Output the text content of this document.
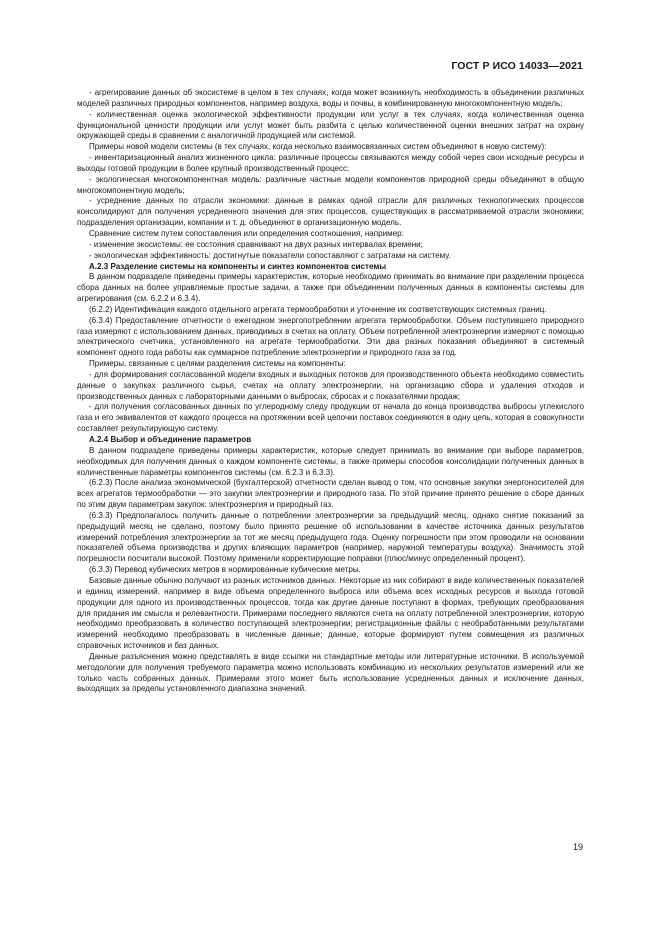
ГОСТ Р ИСО 14033—2021

- агрегирование данных об экосистеме в целом в тех случаях, когда может возникнуть необходимость в объединении различных моделей различных природных компонентов, например воздуха, воды и почвы, в комбинированную многокомпонентную модель;

- количественная оценка экологической эффективности продукции или услуг в тех случаях, когда количественная оценка функциональной ценности продукции или услуг может быть разбита с целью количественной оценки внешних затрат на охрану окружающей среды в сравнении с аналогичной продукцией или системой.

Примеры новой модели системы (в тех случаях, когда несколько взаимосвязанных систем объединяют в новую систему):

- инвентаризационный анализ жизненного цикла: различные процессы связываются между собой через свои исходные ресурсы и выходы готовой продукции в более крупный производственный процесс;

- экологическая многокомпонентная модель: различные частные модели компонентов природной среды объединяют в общую многокомпонентную модель;

- усреднение данных по отрасли экономики: данные в рамках одной отрасли для различных технологических процессов консолидируют для получения усредненного значения для этих процессов, существующих в рассматриваемой отрасли экономики; подразделения организации, компании и т. д. объединяют в организационную модель.

Сравнение систем путем сопоставления или определения соотношения, например:

- изменение экосистемы: ее состояния сравнивают на двух разных интервалах времени;

- экологическая эффективность: достигнутые показатели сопоставляют с затратами на систему.

А.2.3 Разделение системы на компоненты и синтез компонентов системы

В данном подразделе приведены примеры характеристик, которые необходимо принимать во внимание при разделении процесса сбора данных на более управляемые простые задачи, а также при объединении полученных данных в компоненты системы для агрегирования (см. 6.2.2 и 6.3.4).

(6.2.2) Идентификация каждого отдельного агрегата термообработки и уточнение их соответствующих системных границ.

(6.3.4) Предоставление отчетности о ежегодном энергопотреблении агрегата термообработки. Объем поступившего природного газа измеряют с использованием данных, приводимых в счетах на оплату. Объем потребленной электроэнергии измеряют с помощью электрического счетчика, установленного на агрегате термообработки. Эти два разных показания объединяют в системный компонент одного года работы как суммарное потребление электроэнергии и природного газа за год.

Примеры, связанные с целями разделения системы на компоненты:

- для формирования согласованной модели входных и выходных потоков для производственного объекта необходимо совместить данные о закупках различного сырья, счетах на оплату электроэнергии, на организацию сбора и удаления отходов и производственных данных с лабораторными данными о выбросах, сбросах и с показателями продаж;

- для получения согласованных данных по углеродному следу продукции от начала до конца производства выбросы углекислого газа и его эквивалентов от каждого процесса на протяжении всей цепочки поставок соединяются в одну цепь, которая в совокупности составляет результирующую систему.

А.2.4 Выбор и объединение параметров

В данном подразделе приведены примеры характеристик, которые следует принимать во внимание при выборе параметров, необходимых для получения данных о каждом компоненте системы, а также примеры способов консолидации полученных данных в количественные параметры компонентов системы (см. 6.2.3 и 6.3.3).

(6.2.3) После анализа экономической (бухгалтерской) отчетности сделан вывод о том, что основные закупки энергоносителей для всех агрегатов термообработки — это закупки электроэнергии и природного газа. По этой причине принято решение о сборе данных по этим двум параметрам закупок: электроэнергия и природный газ.

(6.3.3) Предполагалось получить данные о потреблении электроэнергии за предыдущий месяц, однако снятие показаний за предыдущий месяц не сделано, поэтому было принято решение об использовании в качестве источника данных результатов измерений потребления электроэнергии за тот же месяц предыдущего года. Оценку погрешности при этом проводили на основании показателей объема производства и других влияющих параметров (например, наружной температуры воздуха). Значимость этой погрешности посчитали высокой. Поэтому применили корректирующие поправки (плюс/минус определенный процент).

(6.3.3) Перевод кубических метров в нормированные кубические метры.

Базовые данные обычно получают из разных источников данных. Некоторые из них собирают в виде количественных показателей и единиц измерений, например в виде объема определенного выброса или объема всех исходных ресурсов и выхода готовой продукции для одного из производственных процессов, тогда как другие данные поступают в формах, требующих преобразования для придания им смысла и релевантности. Примерами последнего являются счета на оплату потребленной электроэнергии, которую необходимо преобразовать в количество поступающей электроэнергии; регистрационные файлы с необработанными результатами измерений необходимо преобразовать в численные данные; данные, которые формируют путем совмещения из различных справочных источников и баз данных.

Данные разъяснения можно представлять в виде ссылки на стандартные методы или литературные источники. В используемой методологии для получения требуемого параметра можно использовать комбинацию из нескольких результатов измерений или же только часть собранных данных. Примерами этого может быть использование усредненных данных и исключение данных, выходящих за пределы установленного диапазона значений.

19
